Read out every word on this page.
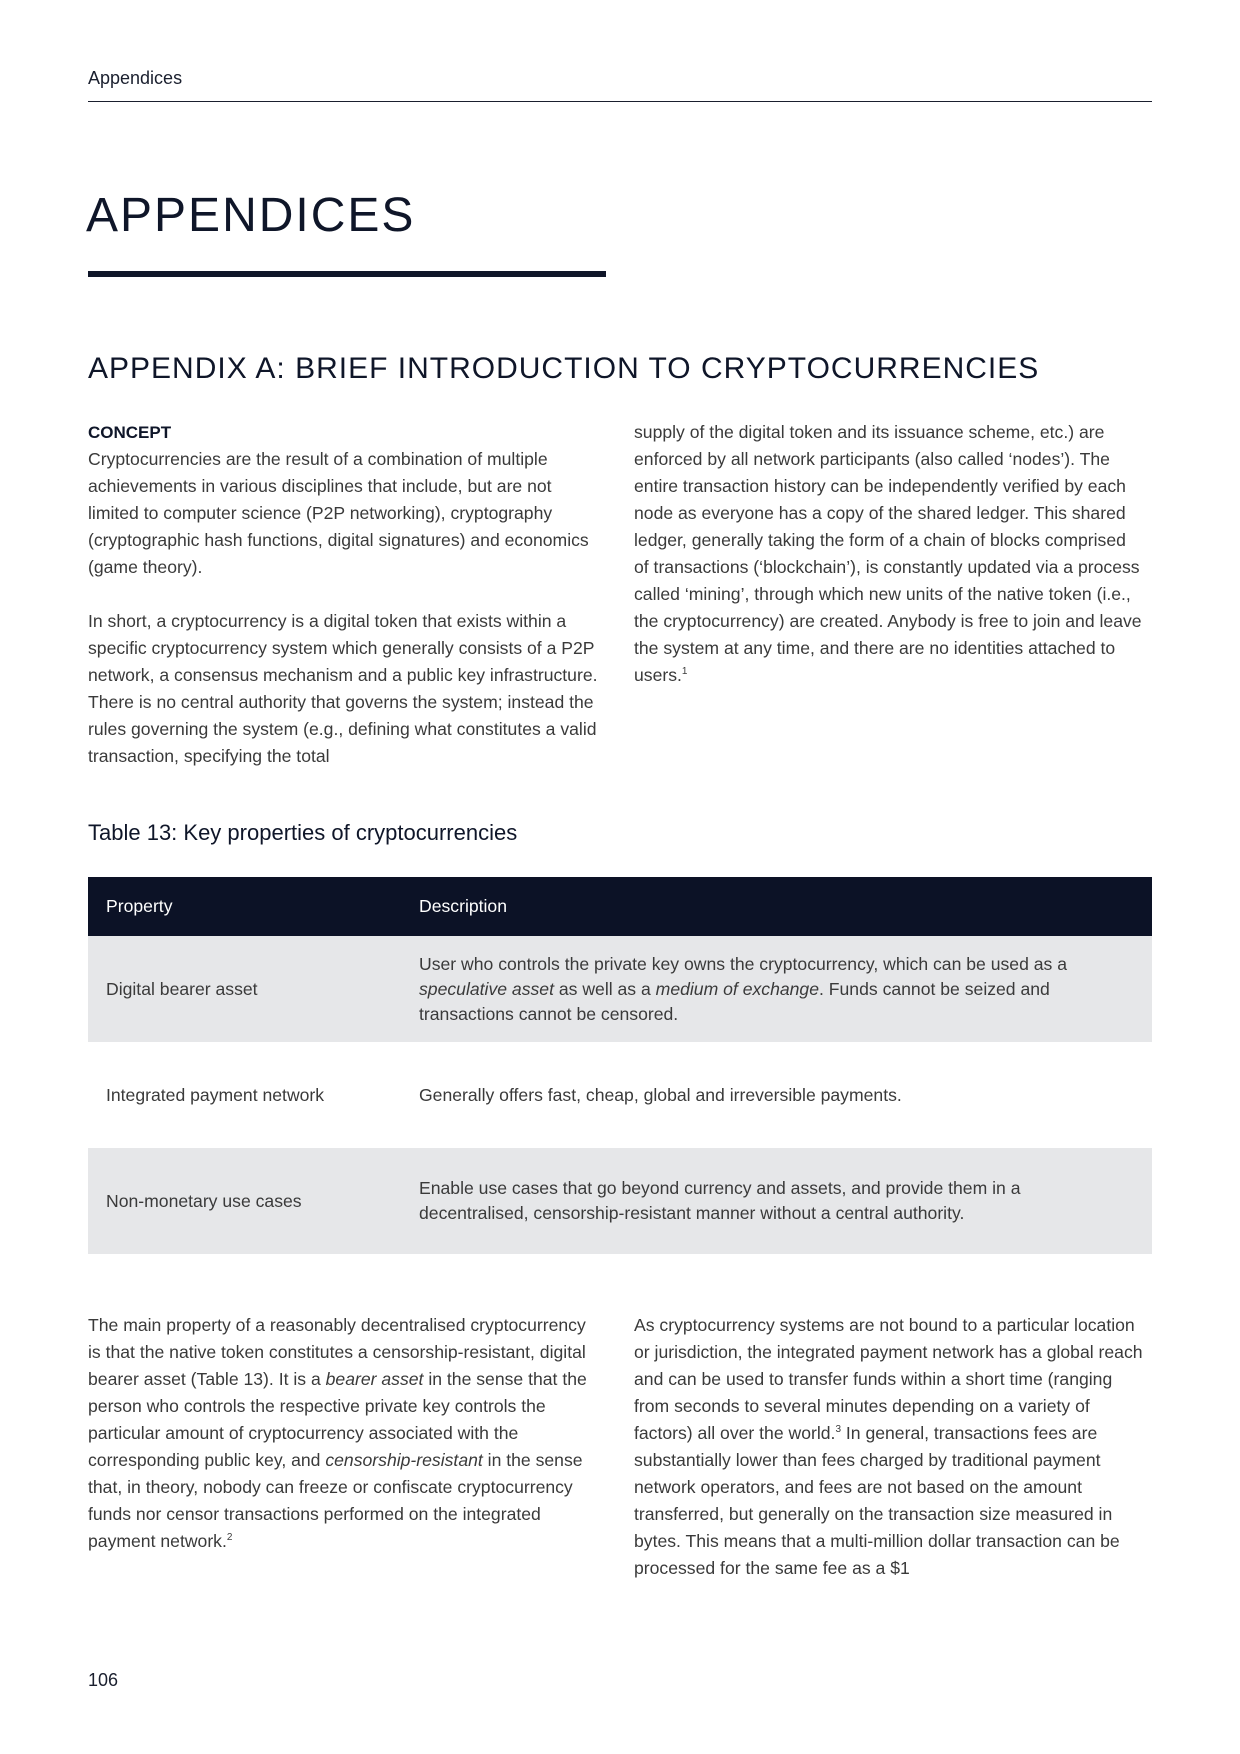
Appendices
APPENDICES
APPENDIX A: BRIEF INTRODUCTION TO CRYPTOCURRENCIES
CONCEPT

Cryptocurrencies are the result of a combination of multiple achievements in various disciplines that include, but are not limited to computer science (P2P networking), cryptography (cryptographic hash functions, digital signatures) and economics (game theory).

In short, a cryptocurrency is a digital token that exists within a specific cryptocurrency system which generally consists of a P2P network, a consensus mechanism and a public key infrastructure. There is no central authority that governs the system; instead the rules governing the system (e.g., defining what constitutes a valid transaction, specifying the total

supply of the digital token and its issuance scheme, etc.) are enforced by all network participants (also called ‘nodes’). The entire transaction history can be independently verified by each node as everyone has a copy of the shared ledger. This shared ledger, generally taking the form of a chain of blocks comprised of transactions (‘blockchain’), is constantly updated via a process called ‘mining’, through which new units of the native token (i.e., the cryptocurrency) are created. Anybody is free to join and leave the system at any time, and there are no identities attached to users.$^1$

Table 13: Key properties of cryptocurrencies
Property	Description
Digital bearer asset	User who controls the private key owns the cryptocurrency, which can be used as a speculative asset as well as a medium of exchange. Funds cannot be seized and transactions cannot be censored.
Integrated payment network	Generally offers fast, cheap, global and irreversible payments.
Non-monetary use cases	Enable use cases that go beyond currency and assets, and provide them in a decentralised, censorship-resistant manner without a central authority.

The main property of a reasonably decentralised cryptocurrency is that the native token constitutes a censorship-resistant, digital bearer asset (Table 13). It is a bearer asset in the sense that the person who controls the respective private key controls the particular amount of cryptocurrency associated with the corresponding public key, and censorship-resistant in the sense that, in theory, nobody can freeze or confiscate cryptocurrency funds nor censor transactions performed on the integrated payment network.$^2$

As cryptocurrency systems are not bound to a particular location or jurisdiction, the integrated payment network has a global reach and can be used to transfer funds within a short time (ranging from seconds to several minutes depending on a variety of factors) all over the world.$^3$ In general, transactions fees are substantially lower than fees charged by traditional payment network operators, and fees are not based on the amount transferred, but generally on the transaction size measured in bytes. This means that a multi-million dollar transaction can be processed for the same fee as a $1

106
